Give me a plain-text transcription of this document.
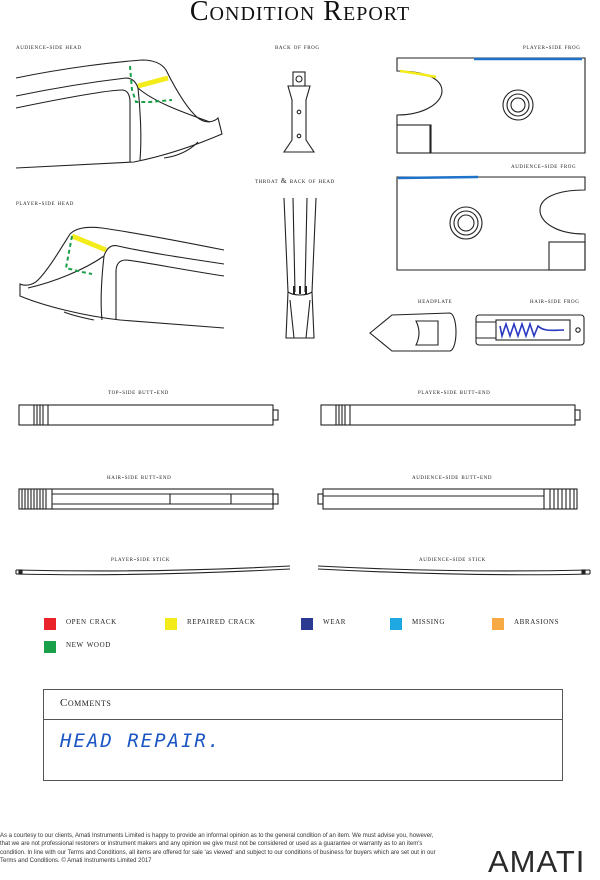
Condition Report
audience-side head	back of frog	player-side frog
audience-side frog
throat & back of head
player-side head
headplate	hair-side frog
top-side butt-end	player-side butt-end
hair-side butt-end	audience-side butt-end
player-side stick	audience-side stick
open crack	repaired crack	wear	missing	abrasions
new wood
Comments
HEAD REPAIR.
As a courtesy to our clients, Amati Instruments Limited is happy to provide an informal opinion as to the general condition of an item. We must advise you, however, that we are not professional restorers or instrument makers and any opinion we give must not be considered or used as a guarantee or warranty as to an item's condition. In line with our Terms and Conditions, all items are offered for sale 'as viewed' and subject to our conditions of business for buyers which are set out in our Terms and Conditions. © Amati Instruments Limited 2017	AMATI
